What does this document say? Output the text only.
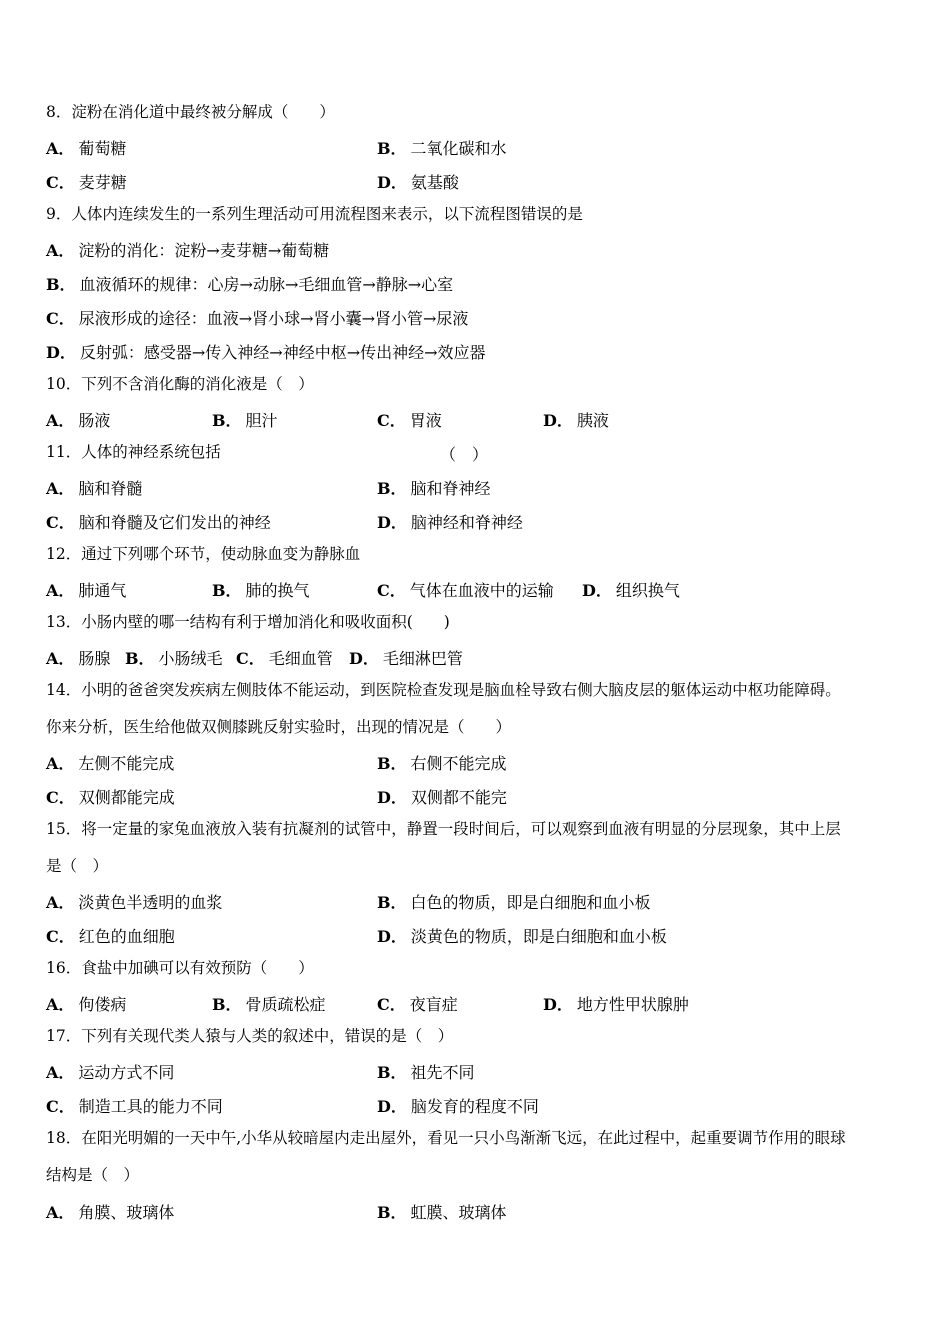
8．淀粉在消化道中最终被分解成（　　）
A． 葡萄糖	B． 二氧化碳和水
C． 麦芽糖	D． 氨基酸
9．人体内连续发生的一系列生理活动可用流程图来表示，以下流程图错误的是
A． 淀粉的消化：淀粉→麦芽糖→葡萄糖
B． 血液循环的规律：心房→动脉→毛细血管→静脉→心室
C． 尿液形成的途径：血液→肾小球→肾小囊→肾小管→尿液
D． 反射弧：感受器→传入神经→神经中枢→传出神经→效应器
10．下列不含消化酶的消化液是（　）
A． 肠液	B． 胆汁	C． 胃液	D． 胰液
11．人体的神经系统包括	（　）
A． 脑和脊髓	B． 脑和脊神经
C． 脑和脊髓及它们发出的神经	D． 脑神经和脊神经
12．通过下列哪个环节，使动脉血变为静脉血
A． 肺通气	B． 肺的换气	C． 气体在血液中的运输 D． 组织换气
13．小肠内壁的哪一结构有利于增加消化和吸收面积(　　)
A． 肠腺 B． 小肠绒毛 C． 毛细血管 D． 毛细淋巴管
14．小明的爸爸突发疾病左侧肢体不能运动，到医院检查发现是脑血栓导致右侧大脑皮层的躯体运动中枢功能障碍。
你来分析，医生给他做双侧膝跳反射实验时，出现的情况是（　　）
A． 左侧不能完成	B． 右侧不能完成
C． 双侧都能完成	D． 双侧都不能完
15．将一定量的家兔血液放入装有抗凝剂的试管中，静置一段时间后，可以观察到血液有明显的分层现象，其中上层
是（　）
A． 淡黄色半透明的血浆	B． 白色的物质，即是白细胞和血小板
C． 红色的血细胞	D． 淡黄色的物质，即是白细胞和血小板
16．食盐中加碘可以有效预防（　　）
A． 佝偻病	B． 骨质疏松症	C． 夜盲症	D． 地方性甲状腺肿
17．下列有关现代类人猿与人类的叙述中，错误的是（　）
A． 运动方式不同	B． 祖先不同
C． 制造工具的能力不同	D． 脑发育的程度不同
18．在阳光明媚的一天中午,小华从较暗屋内走出屋外，看见一只小鸟渐渐飞远，在此过程中，起重要调节作用的眼球
结构是（　）
A． 角膜、玻璃体	B． 虹膜、玻璃体
